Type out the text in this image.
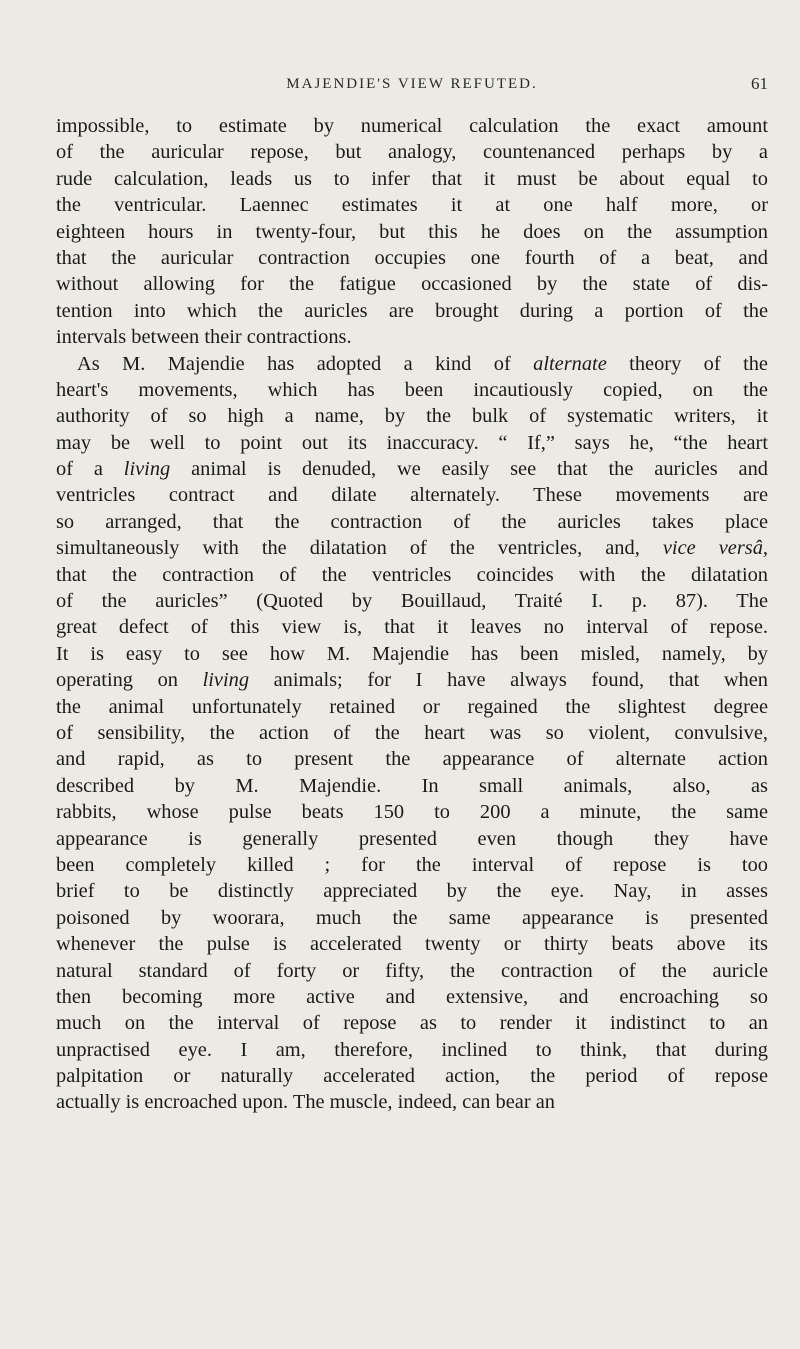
MAJENDIE'S VIEW REFUTED.	61
impossible, to estimate by numerical calculation the exact amount
of the auricular repose, but analogy, countenanced perhaps by a
rude calculation, leads us to infer that it must be about equal to
the ventricular. Laennec estimates it at one half more, or
eighteen hours in twenty-four, but this he does on the assumption
that the auricular contraction occupies one fourth of a beat, and
without allowing for the fatigue occasioned by the state of dis-
tention into which the auricles are brought during a portion of the
intervals between their contractions.
As M. Majendie has adopted a kind of alternate theory of the
heart's movements, which has been incautiously copied, on the
authority of so high a name, by the bulk of systematic writers, it
may be well to point out its inaccuracy. “ If,” says he, “the heart
of a living animal is denuded, we easily see that the auricles and
ventricles contract and dilate alternately. These movements are
so arranged, that the contraction of the auricles takes place
simultaneously with the dilatation of the ventricles, and, vice versâ,
that the contraction of the ventricles coincides with the dilatation
of the auricles” (Quoted by Bouillaud, Traité I. p. 87). The
great defect of this view is, that it leaves no interval of repose.
It is easy to see how M. Majendie has been misled, namely, by
operating on living animals; for I have always found, that when
the animal unfortunately retained or regained the slightest degree
of sensibility, the action of the heart was so violent, convulsive,
and rapid, as to present the appearance of alternate action
described by M. Majendie. In small animals, also, as
rabbits, whose pulse beats 150 to 200 a minute, the same
appearance is generally presented even though they have
been completely killed ; for the interval of repose is too
brief to be distinctly appreciated by the eye. Nay, in asses
poisoned by woorara, much the same appearance is presented
whenever the pulse is accelerated twenty or thirty beats above its
natural standard of forty or fifty, the contraction of the auricle
then becoming more active and extensive, and encroaching so
much on the interval of repose as to render it indistinct to an
unpractised eye. I am, therefore, inclined to think, that during
palpitation or naturally accelerated action, the period of repose
actually is encroached upon. The muscle, indeed, can bear an
